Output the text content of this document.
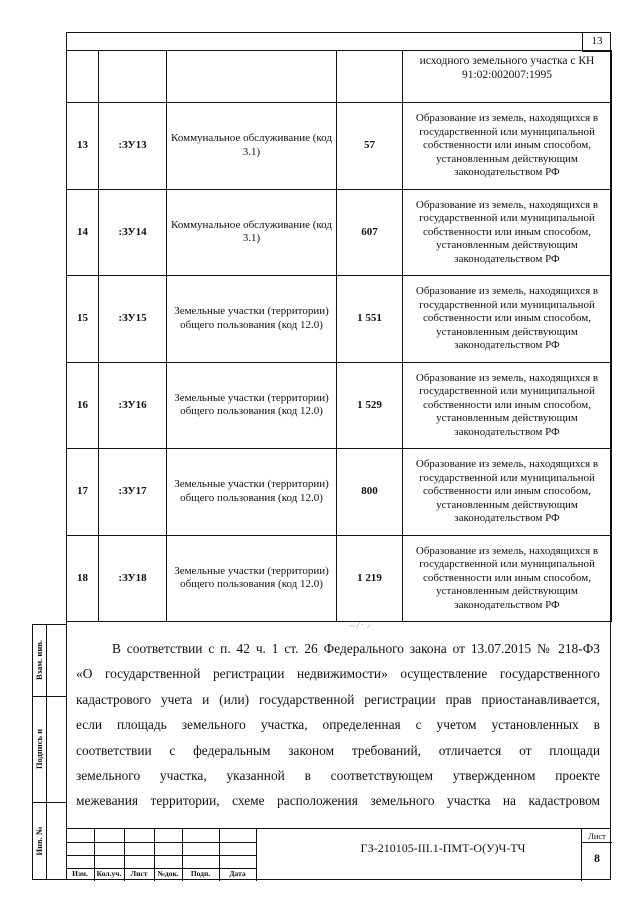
13
				исходного земельного участка с КН 91:02:002007:1995
13	:ЗУ13	Коммунальное обслуживание (код 3.1)	57	Образование из земель, находящихся в государственной или муниципальной собственности или иным способом, установленным действующим законодательством РФ
14	:ЗУ14	Коммунальное обслуживание (код 3.1)	607	Образование из земель, находящихся в государственной или муниципальной собственности или иным способом, установленным действующим законодательством РФ
15	:ЗУ15	Земельные участки (территории) общего пользования (код 12.0)	1 551	Образование из земель, находящихся в государственной или муниципальной собственности или иным способом, установленным действующим законодательством РФ
16	:ЗУ16	Земельные участки (территории) общего пользования (код 12.0)	1 529	Образование из земель, находящихся в государственной или муниципальной собственности или иным способом, установленным действующим законодательством РФ
17	:ЗУ17	Земельные участки (территории) общего пользования (код 12.0)	800	Образование из земель, находящихся в государственной или муниципальной собственности или иным способом, установленным действующим законодательством РФ
18	:ЗУ18	Земельные участки (территории) общего пользования (код 12.0)	1 219	Образование из земель, находящихся в государственной или муниципальной собственности или иным способом, установленным действующим законодательством РФ
~ ⁄ · ⸝
В соответствии с п. 42 ч. 1 ст. 26 Федерального закона от 13.07.2015 № 218-ФЗ
«О государственной регистрации недвижимости» осуществление государственного
кадастрового учета и (или) государственной регистрации прав приостанавливается,
если площадь земельного участка, определенная с учетом установленных в
соответствии с федеральным законом требований, отличается от площади
земельного участка, указанной в соответствующем утвержденном проекте
межевания территории, схеме расположения земельного участка на кадастровом
Взам. инв.
Подпись и
Инв. №
Изм.	Кол.уч.	Лист	№док.	Подп.	Дата
ГЗ-210105-III.1-ПМТ-О(У)Ч-ТЧ
Лист
8
